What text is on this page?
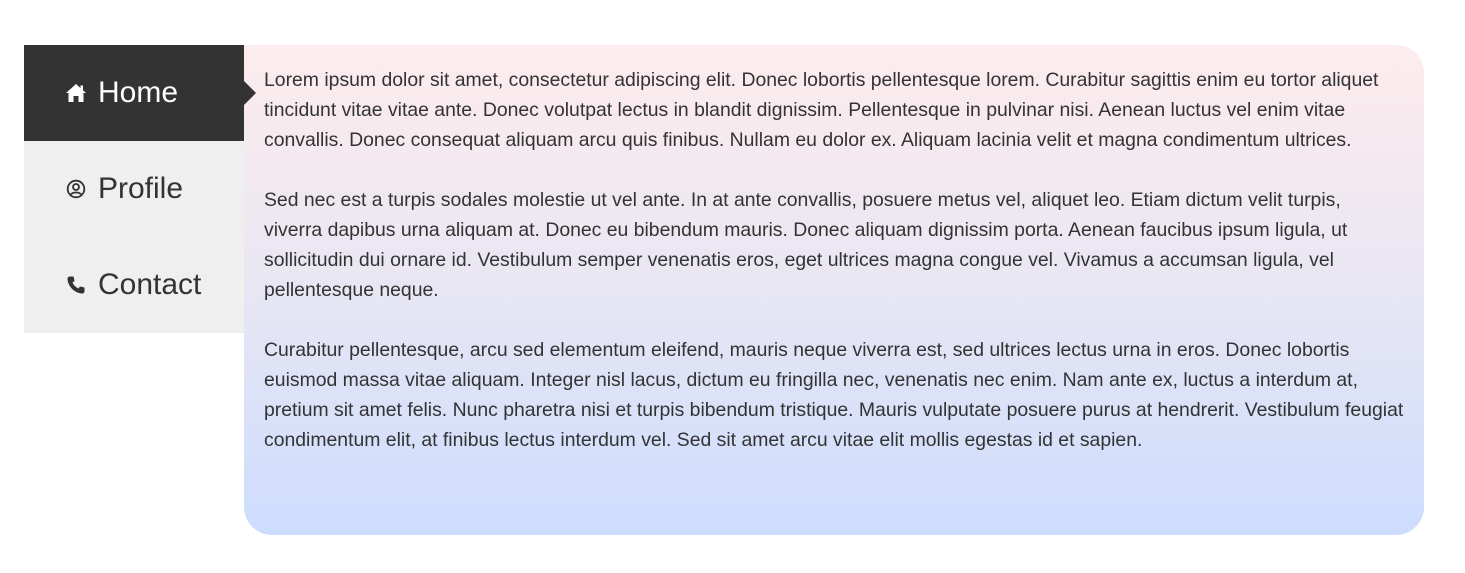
Home
Profile
Contact

Lorem ipsum dolor sit amet, consectetur adipiscing elit. Donec lobortis pellentesque lorem. Curabitur sagittis enim eu tortor aliquet tincidunt vitae vitae ante. Donec volutpat lectus in blandit dignissim. Pellentesque in pulvinar nisi. Aenean luctus vel enim vitae convallis. Donec consequat aliquam arcu quis finibus. Nullam eu dolor ex. Aliquam lacinia velit et magna condimentum ultrices.

Sed nec est a turpis sodales molestie ut vel ante. In at ante convallis, posuere metus vel, aliquet leo. Etiam dictum velit turpis, viverra dapibus urna aliquam at. Donec eu bibendum mauris. Donec aliquam dignissim porta. Aenean faucibus ipsum ligula, ut sollicitudin dui ornare id. Vestibulum semper venenatis eros, eget ultrices magna congue vel. Vivamus a accumsan ligula, vel pellentesque neque.

Curabitur pellentesque, arcu sed elementum eleifend, mauris neque viverra est, sed ultrices lectus urna in eros. Donec lobortis euismod massa vitae aliquam. Integer nisl lacus, dictum eu fringilla nec, venenatis nec enim. Nam ante ex, luctus a interdum at, pretium sit amet felis. Nunc pharetra nisi et turpis bibendum tristique. Mauris vulputate posuere purus at hendrerit. Vestibulum feugiat condimentum elit, at finibus lectus interdum vel. Sed sit amet arcu vitae elit mollis egestas id et sapien.
